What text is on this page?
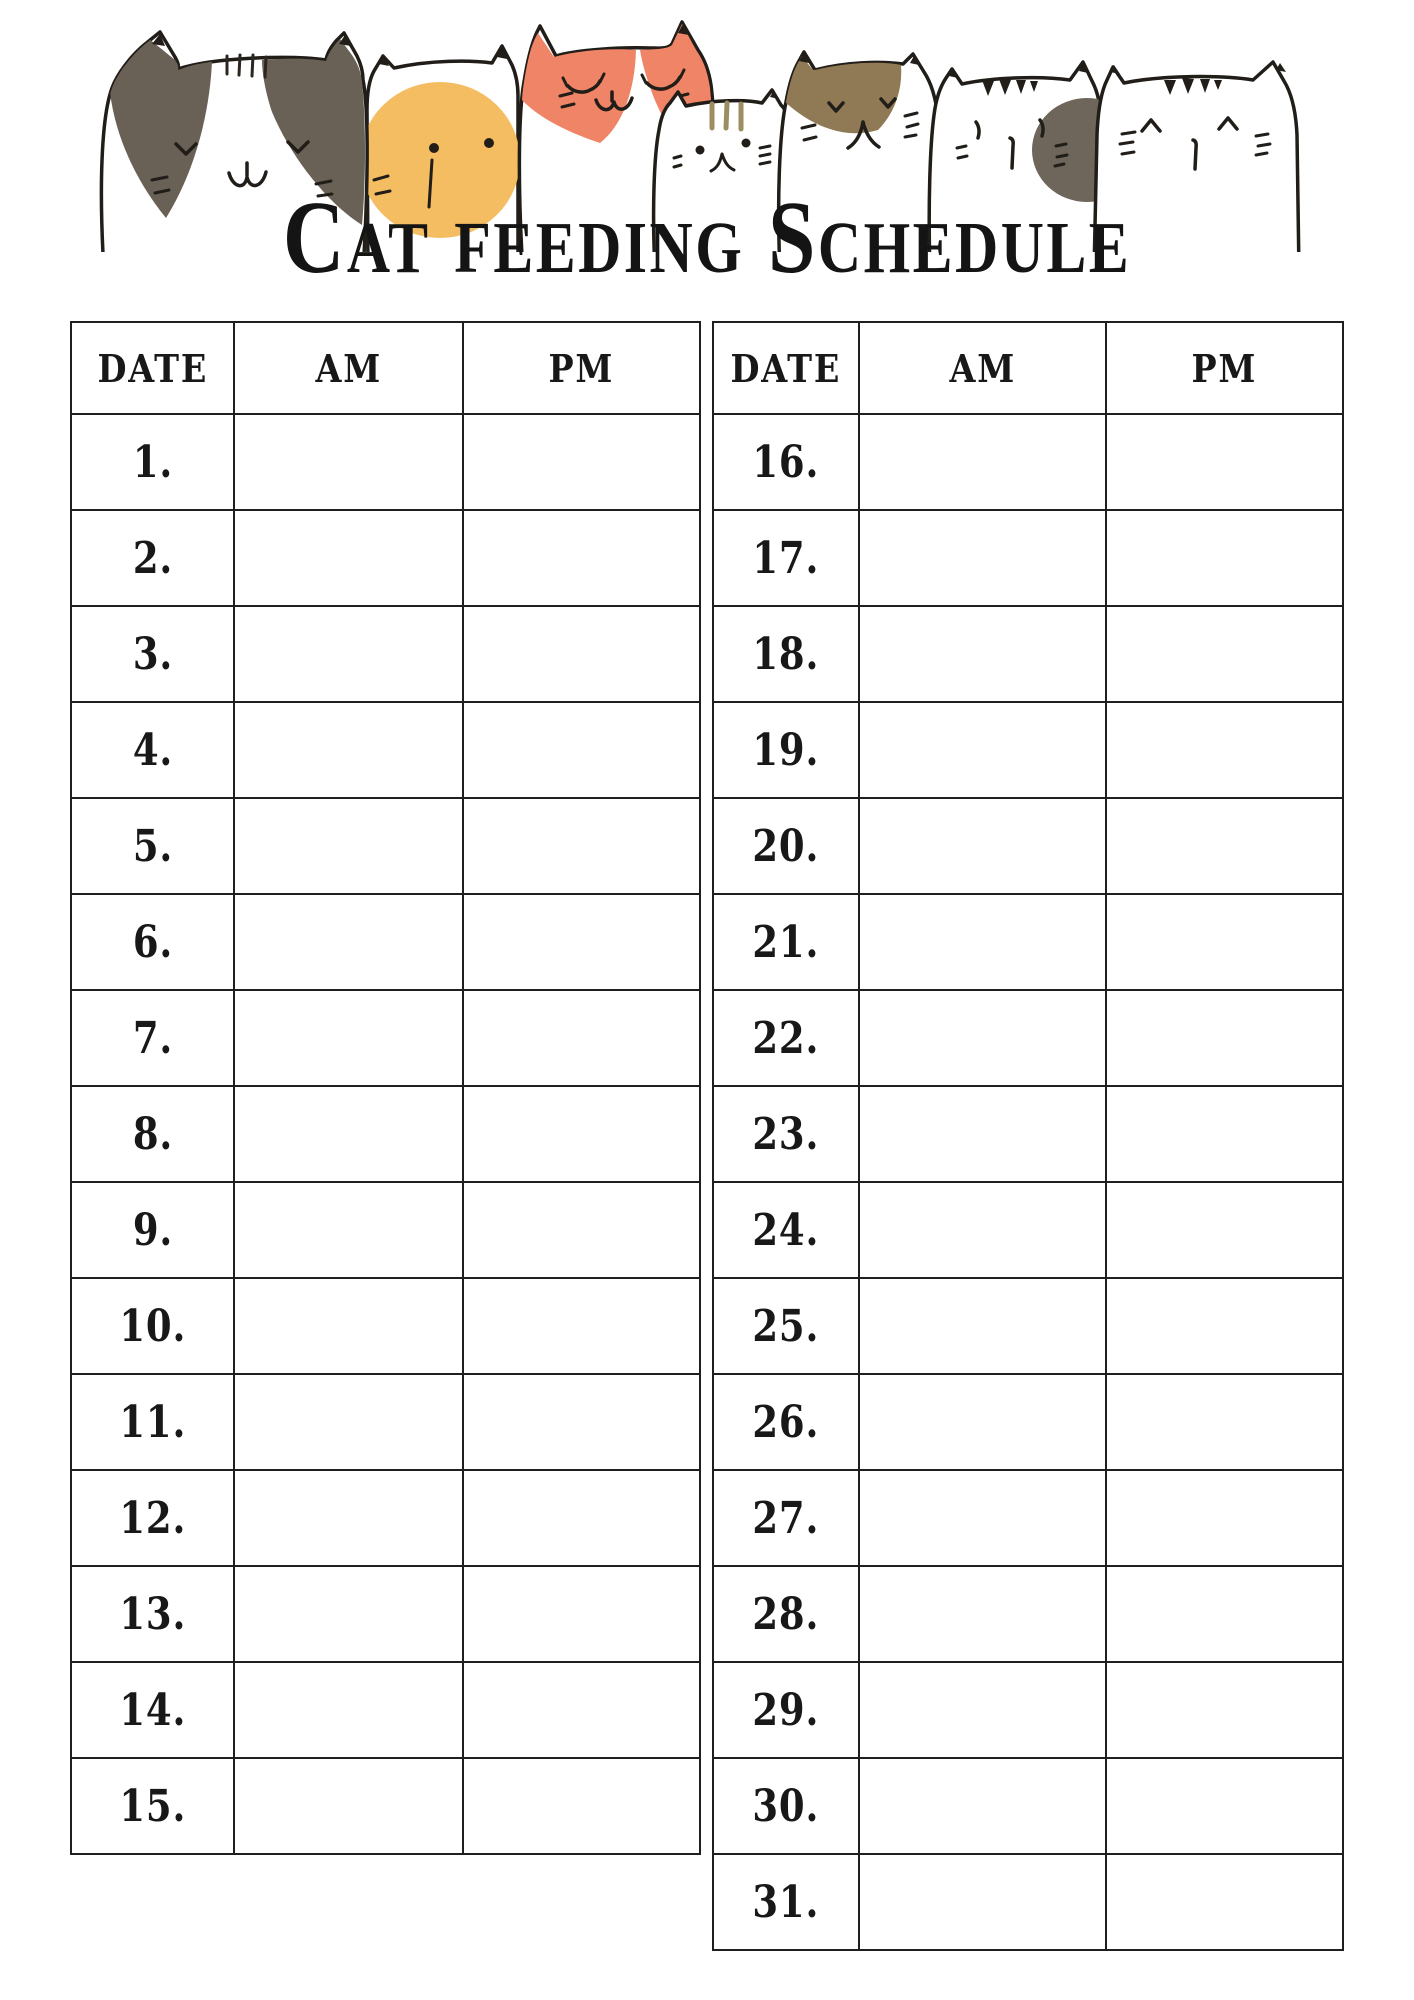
Cat feeding Schedule
DATE	AM	PM
1.		
2.		
3.		
4.		
5.		
6.		
7.		
8.		
9.		
10.		
11.		
12.		
13.		
14.		
15.		
DATE	AM	PM
16.		
17.		
18.		
19.		
20.		
21.		
22.		
23.		
24.		
25.		
26.		
27.		
28.		
29.		
30.		
31.		
